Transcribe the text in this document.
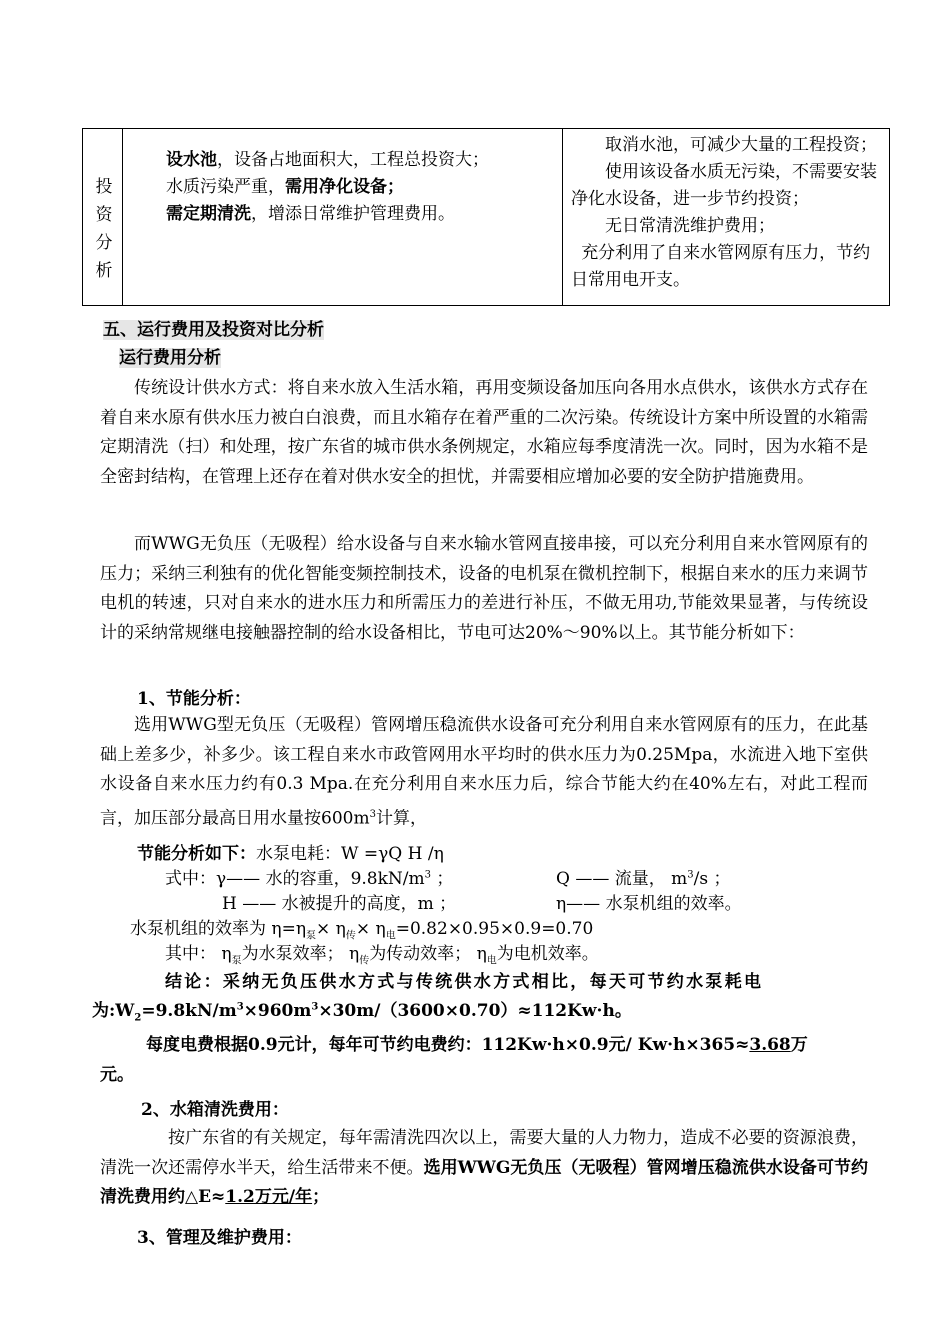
投
资
分
析
设水池，设备占地面积大，工程总投资大；
水质污染严重，需用净化设备；
需定期清洗，增添日常维护管理费用。
取消水池，可减少大量的工程投资；
使用该设备水质无污染，不需要安装净化水设备，进一步节约投资；
无日常清洗维护费用；
充分利用了自来水管网原有压力，节约日常用电开支。
五、运行费用及投资对比分析
运行费用分析
传统设计供水方式：将自来水放入生活水箱，再用变频设备加压向各用水点供水，该供水方式存在着自来水原有供水压力被白白浪费，而且水箱存在着严重的二次污染。传统设计方案中所设置的水箱需定期清洗（扫）和处理，按广东省的城市供水条例规定，水箱应每季度清洗一次。同时，因为水箱不是全密封结构，在管理上还存在着对供水安全的担忧，并需要相应增加必要的安全防护措施费用。
而WWG无负压（无吸程）给水设备与自来水输水管网直接串接，可以充分利用自来水管网原有的压力；采纳三利独有的优化智能变频控制技术，设备的电机泵在微机控制下，根据自来水的压力来调节电机的转速，只对自来水的进水压力和所需压力的差进行补压，不做无用功,节能效果显著，与传统设计的采纳常规继电接触器控制的给水设备相比，节电可达20%～90%以上。其节能分析如下：
1、节能分析：
选用WWG型无负压（无吸程）管网增压稳流供水设备可充分利用自来水管网原有的压力，在此基础上差多少，补多少。该工程自来水市政管网用水平均时的供水压力为0.25Mpa，水流进入地下室供水设备自来水压力约有0.3 Mpa.在充分利用自来水压力后，综合节能大约在40%左右，对此工程而言，加压部分最高日用水量按$600m^3$计算，
节能分析如下：水泵电耗：W =γQ H /η
式中：γ—— 水的容重，$9.8kN/m^3$ ；	Q —— 流量， $m^3/s$ ；
H —— 水被提升的高度，m ；	η—— 水泵机组的效率。
水泵机组的效率为 $\eta=\eta_泵\times \eta_传\times \eta_电=0.82\times 0.95\times 0.9=0.70$
其中： $\eta_泵$为水泵效率； $\eta_传$为传动效率； $\eta_电$为电机效率。
结论：采纳无负压供水方式与传统供水方式相比，每天可节约水泵耗电
为$:W_2=9.8kN/m^3\times 960m^3\times 30m/(3600\times 0.70)\approx 112Kw\cdot h$。
每度电费根据0.9元计，每年可节约电费约：112Kw·h×0.9元/ Kw·h×365≈3.68万
元。
2、水箱清洗费用：
按广东省的有关规定，每年需清洗四次以上，需要大量的人力物力，造成不必要的资源浪费，清洗一次还需停水半天，给生活带来不便。选用WWG无负压（无吸程）管网增压稳流供水设备可节约清洗费用约△E≈1.2万元/年；
3、管理及维护费用：
